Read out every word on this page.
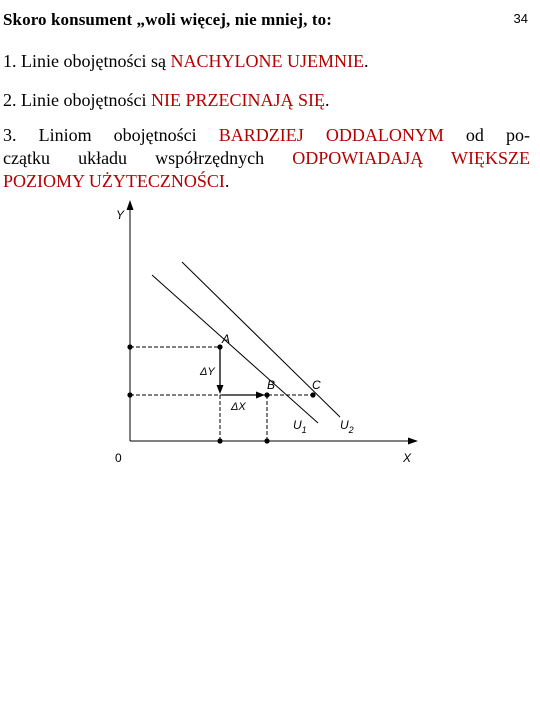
Skoro konsument „woli więcej, nie mniej, to:	34
1. Linie obojętności są NACHYLONE UJEMNIE.
2. Linie obojętności NIE PRZECINAJĄ SIĘ.
3. Liniom obojętności BARDZIEJ ODDALONYM od po-
czątku układu współrzędnych ODPOWIADAJĄ WIĘKSZE
POZIOMY UŻYTECZNOŚCI.
Y
X
0
A
B	C
ΔY
ΔX
$U_1$	$U_2$
